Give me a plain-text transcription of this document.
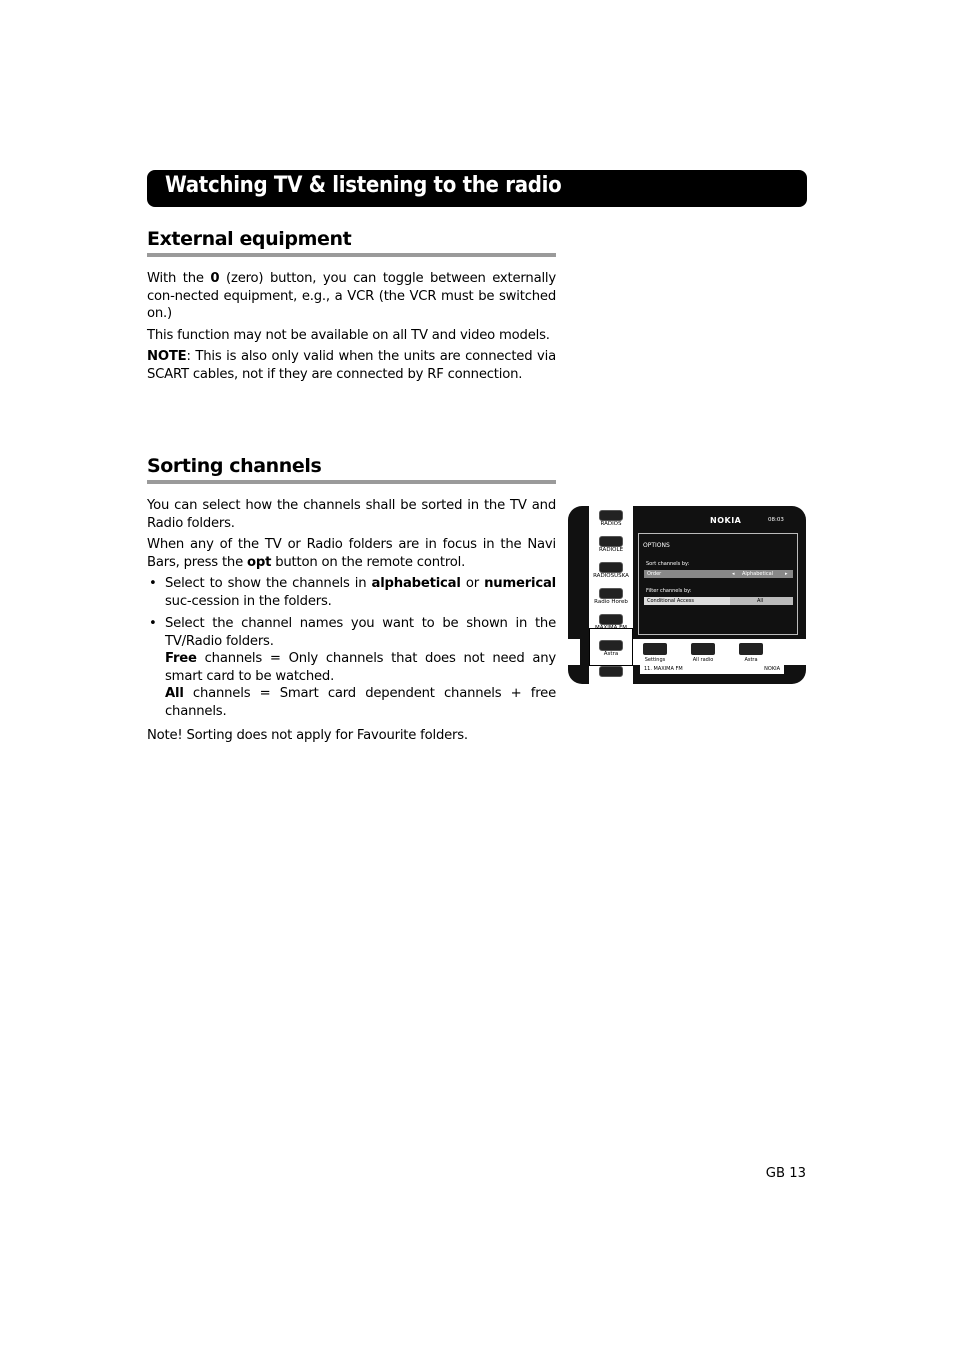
Watching TV & listening to the radio
External equipment

With the 0 (zero) button, you can toggle between externally con-nected equipment, e.g., a VCR (the VCR must be switched on.)

This function may not be available on all TV and video models.

NOTE: This is also only valid when the units are connected via SCART cables, not if they are connected by RF connection.

Sorting channels

You can select how the channels shall be sorted in the TV and Radio folders.

When any of the TV or Radio folders are in focus in the Navi Bars, press the opt button on the remote control.

• Select to show the channels in alphabetical or numerical suc-cession in the folders.
• Select the channel names you want to be shown in the TV/Radio folders.
Free channels = Only channels that does not need any smart card to be watched.
All channels = Smart card dependent channels + free channels.
Note! Sorting does not apply for Favourite folders.
RADIOS
RADIOLE
RADIOSUSKA
Radio Horeb
MAXIMA FM
Astra
NOKIA	08:03
OPTIONS
Sort channels by:
Order	◂ Alphabetical ▸
Filter channels by:
Conditional Access	All
Settings	All radio	Astra
11. MAXIMA FM	NOKIA
GB 13
